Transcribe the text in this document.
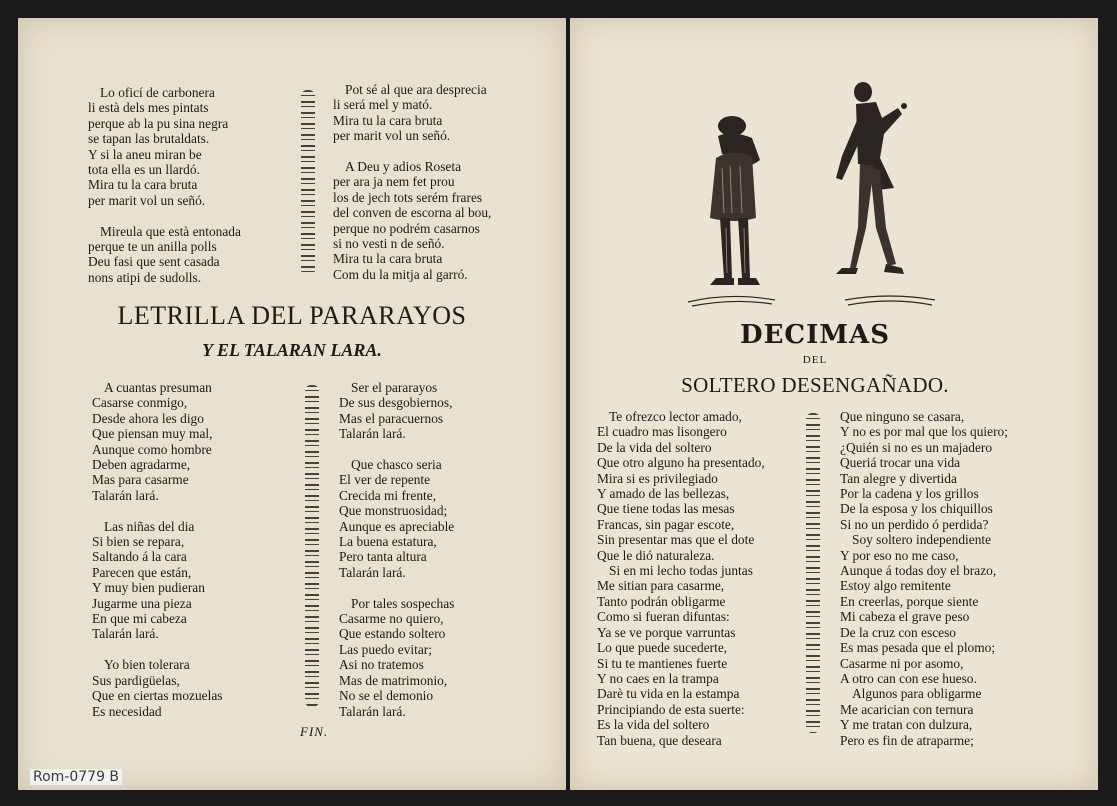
Lo oficí de carbonera
li està dels mes pintats
perque ab la pu sina negra
se tapan las brutaldats.
Y si la aneu miran be
tota ella es un llardó.
Mira tu la cara bruta
per marit vol un señó.
Mireula que està entonada
perque te un anilla polls
Deu fasi que sent casada
nons atipi de sudolls.
Pot sé al que ara desprecia
li será mel y mató.
Mira tu la cara bruta
per marit vol un señó.
A Deu y adios Roseta
per ara ja nem fet prou
los de jech tots serém frares
del conven de escorna al bou,
perque no podrém casarnos
si no vesti n de señó.
Mira tu la cara bruta
Com du la mitja al garró.
LETRILLA DEL PARARAYOS
Y EL TALARAN LARA.
A cuantas presuman
Casarse conmigo,
Desde ahora les digo
Que piensan muy mal,
Aunque como hombre
Deben agradarme,
Mas para casarme
Talarán lará.
Las niñas del dia
Si bien se repara,
Saltando á la cara
Parecen que están,
Y muy bien pudieran
Jugarme una pieza
En que mi cabeza
Talarán lará.
Yo bien tolerara
Sus pardigüelas,
Que en ciertas mozuelas
Es necesidad
Ser el pararayos
De sus desgobiernos,
Mas el paracuernos
Talarán lará.
Que chasco seria
El ver de repente
Crecida mi frente,
Que monstruosidad;
Aunque es apreciable
La buena estatura,
Pero tanta altura
Talarán lará.
Por tales sospechas
Casarme no quiero,
Que estando soltero
Las puedo evitar;
Asi no tratemos
Mas de matrimonio,
No se el demonio
Talarán lará.
FIN.
DECIMAS
DEL
SOLTERO DESENGAÑADO.
Te ofrezco lector amado,
El cuadro mas lisongero
De la vida del soltero
Que otro alguno ha presentado,
Mira si es privilegiado
Y amado de las bellezas,
Que tiene todas las mesas
Francas, sin pagar escote,
Sin presentar mas que el dote
Que le dió naturaleza.
Si en mi lecho todas juntas
Me sitian para casarme,
Tanto podrán obligarme
Como si fueran difuntas:
Ya se ve porque varruntas
Lo que puede sucederte,
Si tu te mantienes fuerte
Y no caes en la trampa
Darè tu vida en la estampa
Principiando de esta suerte:
Es la vida del soltero
Tan buena, que deseara
Que ninguno se casara,
Y no es por mal que los quiero;
¿Quién si no es un majadero
Queriá trocar una vida
Tan alegre y divertida
Por la cadena y los grillos
De la esposa y los chiquillos
Si no un perdido ó perdida?
Soy soltero independiente
Y por eso no me caso,
Aunque á todas doy el brazo,
Estoy algo remitente
En creerlas, porque siente
Mi cabeza el grave peso
De la cruz con esceso
Es mas pesada que el plomo;
Casarme ni por asomo,
A otro can con ese hueso.
Algunos para obligarme
Me acarician con ternura
Y me tratan con dulzura,
Pero es fin de atraparme;
Rom-0779 B
